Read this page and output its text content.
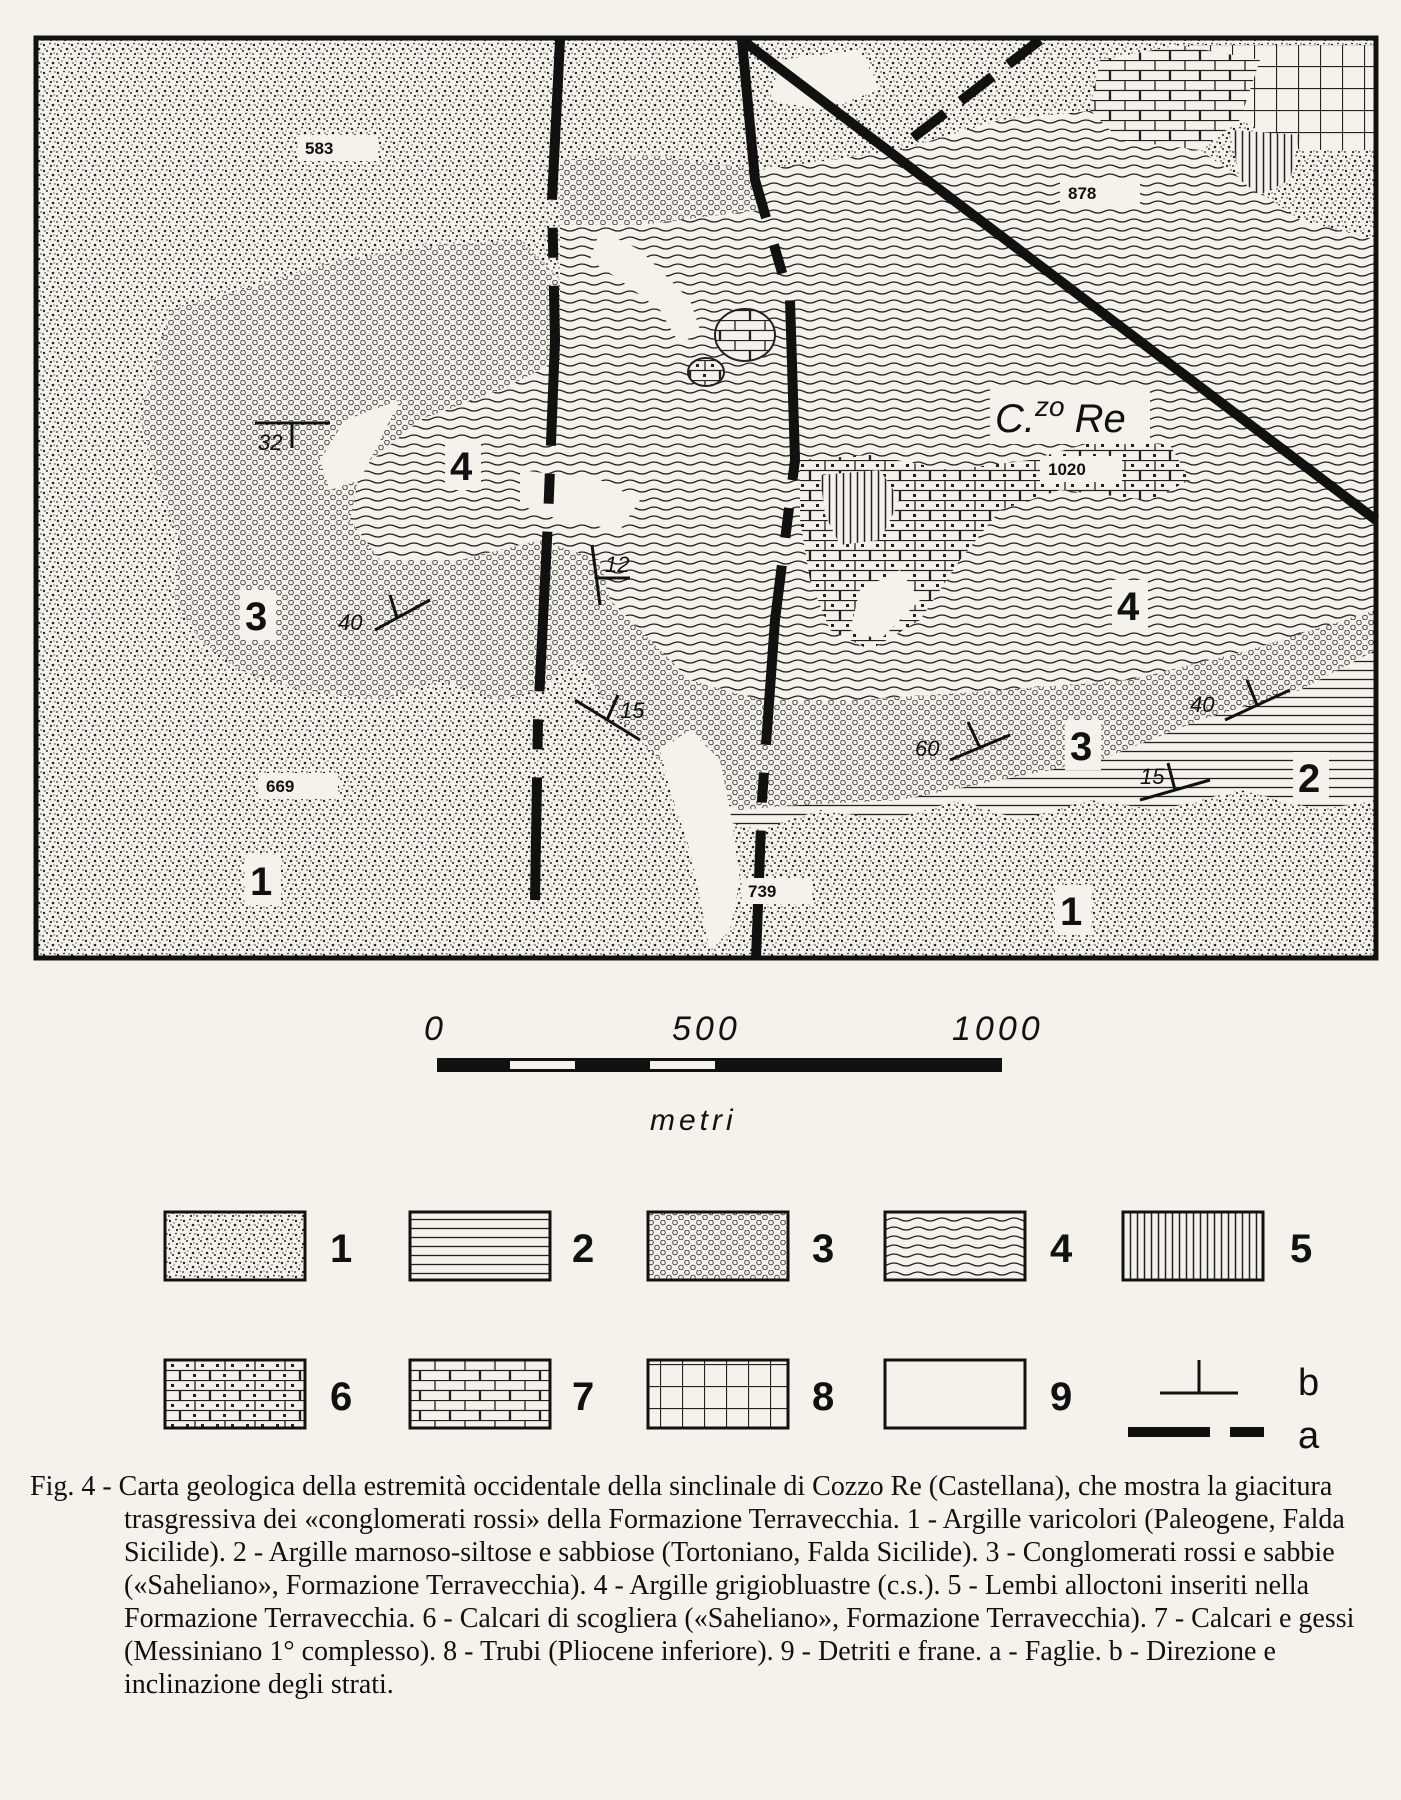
583
878
1020
669
739
C.$^{zo}$ Re
4
3	4
3
2
1
1
32
40
12
15
60
40
15
0	500	1000
metri
1	2	3	4	5
6	7	8	9	b
a
Fig. 4 - Carta geologica della estremità occidentale della sinclinale di Cozzo Re (Castellana), che mostra la giacitura trasgressiva dei «conglomerati rossi» della Formazione Terravecchia. 1 - Argille varicolori (Paleogene, Falda Sicilide). 2 - Argille marnoso-siltose e sabbiose (Tortoniano, Falda Sicilide). 3 - Conglomerati rossi e sabbie («Saheliano», Formazione Terravecchia). 4 - Argille grigiobluastre (c.s.). 5 - Lembi alloctoni inseriti nella Formazione Terravecchia. 6 - Calcari di scogliera («Saheliano», Formazione Terravecchia). 7 - Calcari e gessi (Messiniano 1° complesso). 8 - Trubi (Pliocene inferiore). 9 - Detriti e frane. a - Faglie. b - Direzione e inclinazione degli strati.
